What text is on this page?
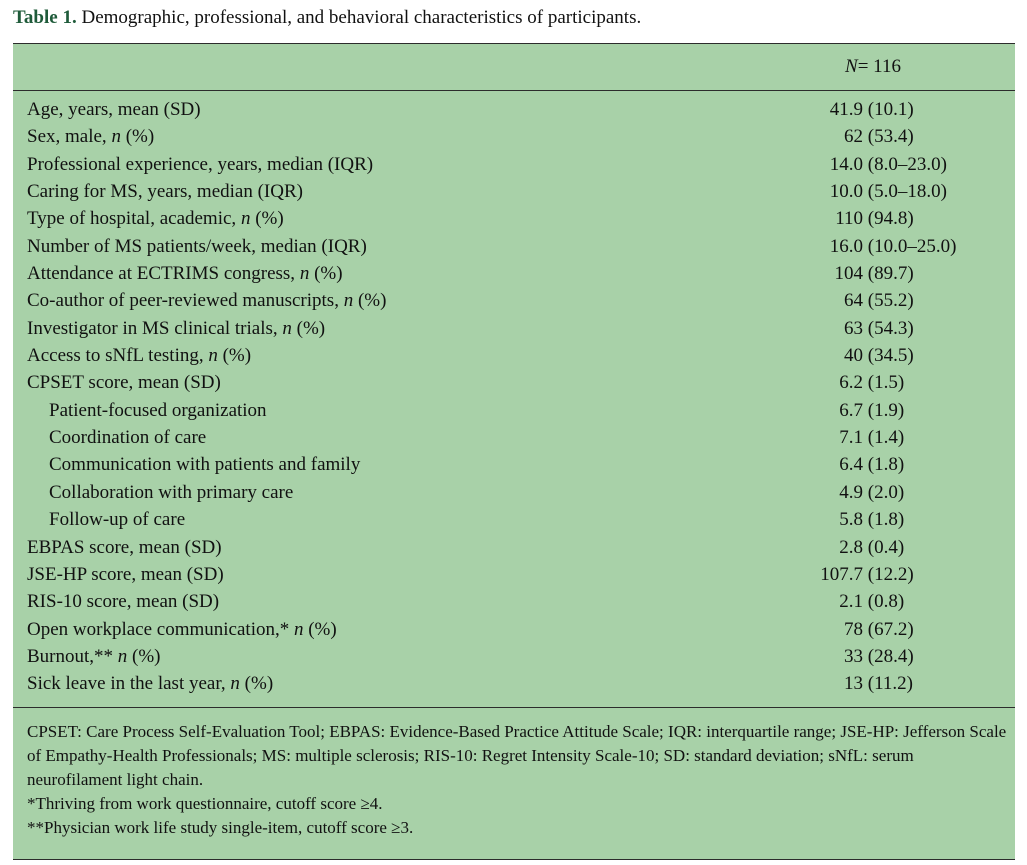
Table 1. Demographic, professional, and behavioral characteristics of participants.
N= 116
Age, years, mean (SD)	41.9 (10.1)
Sex, male, n (%)	62 (53.4)
Professional experience, years, median (IQR)	14.0 (8.0–23.0)
Caring for MS, years, median (IQR)	10.0 (5.0–18.0)
Type of hospital, academic, n (%)	110 (94.8)
Number of MS patients/week, median (IQR)	16.0 (10.0–25.0)
Attendance at ECTRIMS congress, n (%)	104 (89.7)
Co-author of peer-reviewed manuscripts, n (%)	64 (55.2)
Investigator in MS clinical trials, n (%)	63 (54.3)
Access to sNfL testing, n (%)	40 (34.5)
CPSET score, mean (SD)	6.2 (1.5)
Patient-focused organization	6.7 (1.9)
Coordination of care	7.1 (1.4)
Communication with patients and family	6.4 (1.8)
Collaboration with primary care	4.9 (2.0)
Follow-up of care	5.8 (1.8)
EBPAS score, mean (SD)	2.8 (0.4)
JSE-HP score, mean (SD)	107.7 (12.2)
RIS-10 score, mean (SD)	2.1 (0.8)
Open workplace communication,* n (%)	78 (67.2)
Burnout,** n (%)	33 (28.4)
Sick leave in the last year, n (%)	13 (11.2)

CPSET: Care Process Self-Evaluation Tool; EBPAS: Evidence-Based Practice Attitude Scale; IQR: interquartile range; JSE-HP: Jefferson Scale of Empathy-Health Professionals; MS: multiple sclerosis; RIS-10: Regret Intensity Scale-10; SD: standard deviation; sNfL: serum neurofilament light chain.

*Thriving from work questionnaire, cutoff score ≥4.

**Physician work life study single-item, cutoff score ≥3.
